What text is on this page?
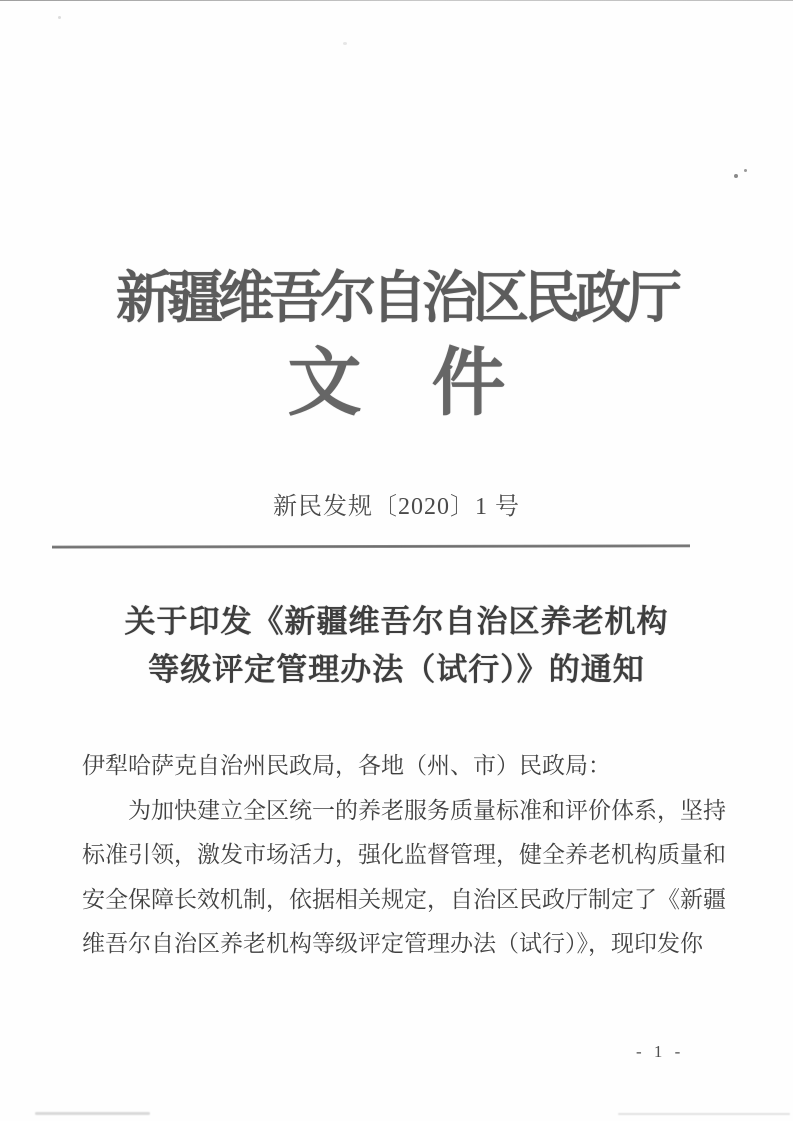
新疆维吾尔自治区民政厅
文 件
新民发规〔2020〕1 号
关于印发《新疆维吾尔自治区养老机构
等级评定管理办法（试行）》的通知
伊犁哈萨克自治州民政局，各地（州、市）民政局：
　　为加快建立全区统一的养老服务质量标准和评价体系，坚持
标准引领，激发市场活力，强化监督管理，健全养老机构质量和
安全保障长效机制，依据相关规定，自治区民政厅制定了《新疆
维吾尔自治区养老机构等级评定管理办法（试行）》，现印发你
- 1 -
